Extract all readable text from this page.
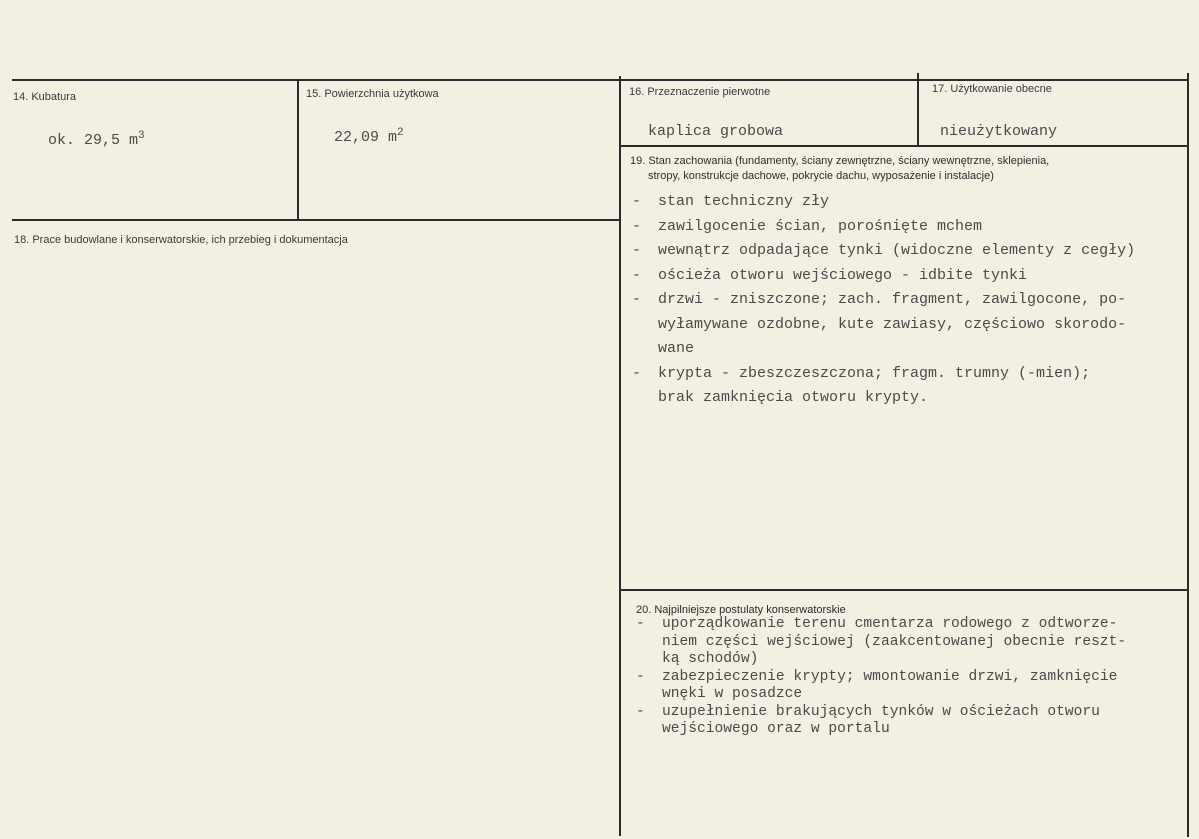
14. Kubatura
ok. 29,5 $m^3$
15. Powierzchnia użytkowa
22,09 $m^2$
16. Przeznaczenie pierwotne
kaplica grobowa
17. Użytkowanie obecne
nieużytkowany
18. Prace budowlane i konserwatorskie, ich przebieg i dokumentacja
19. Stan zachowania (fundamenty, ściany zewnętrzne, ściany wewnętrzne, sklepienia,
stropy, konstrukcje dachowe, pokrycie dachu, wyposażenie i instalacje)
-	stan techniczny zły
-	zawilgocenie ścian, porośnięte mchem
-	wewnątrz odpadające tynki (widoczne elementy z cegły)
-	ościeża otworu wejściowego - idbite tynki
-	drzwi - zniszczone; zach. fragment, zawilgocone, po-
wyłamywane ozdobne, kute zawiasy, częściowo skorodo-
wane
-	krypta - zbeszczeszczona; fragm. trumny (-mien);
brak zamknięcia otworu krypty.
20. Najpilniejsze postulaty konserwatorskie
-	uporządkowanie terenu cmentarza rodowego z odtworze-
niem części wejściowej (zaakcentowanej obecnie reszt-
ką schodów)
-	zabezpieczenie krypty; wmontowanie drzwi, zamknięcie
wnęki w posadzce
-	uzupełnienie brakujących tynków w ościeżach otworu
wejściowego oraz w portalu
